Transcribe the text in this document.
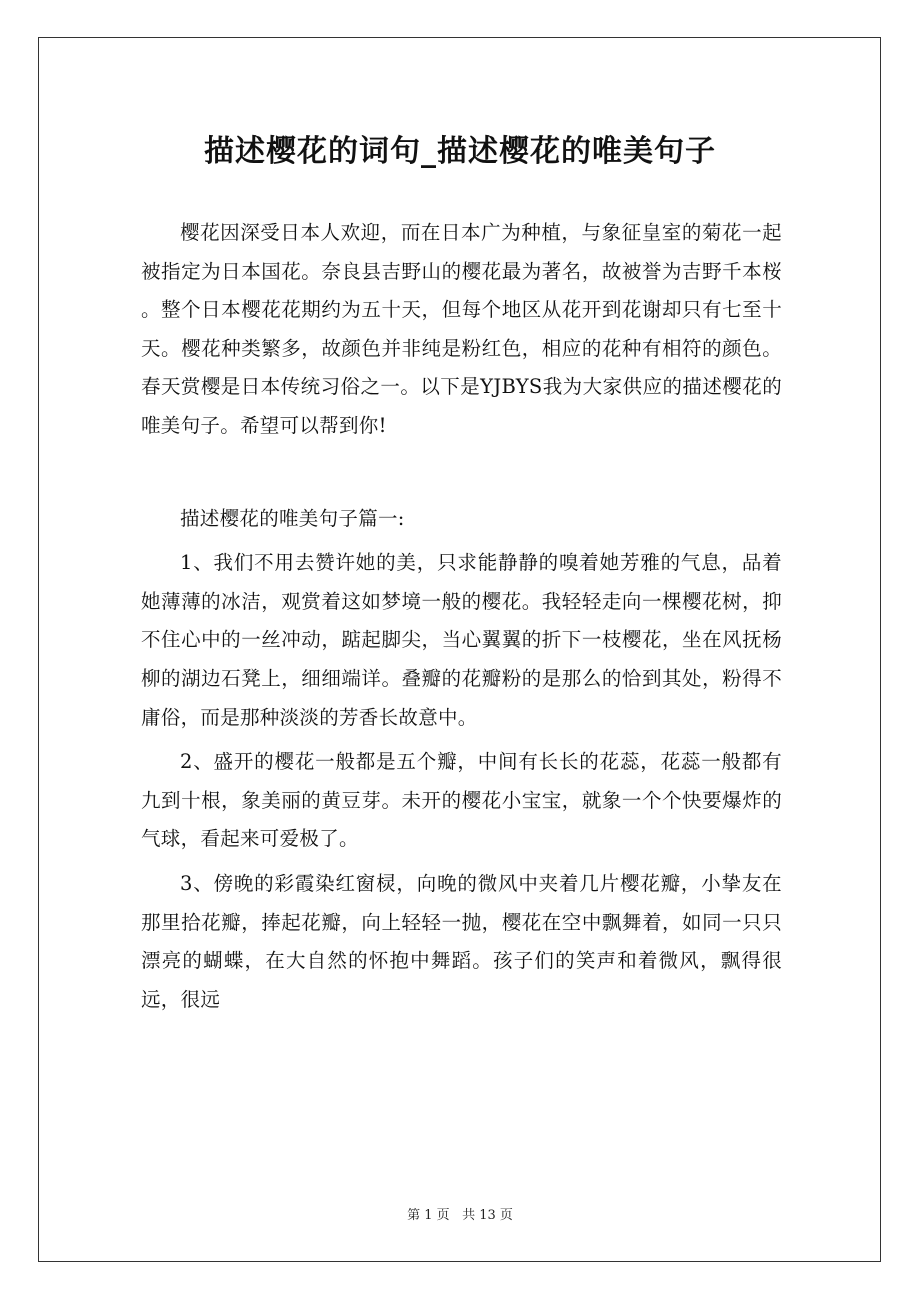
描述樱花的词句_描述樱花的唯美句子

樱花因深受日本人欢迎，而在日本广为种植，与象征皇室的菊花一起被指定为日本国花。奈良县吉野山的樱花最为著名，故被誉为吉野千本桜 。整个日本樱花花期约为五十天，但每个地区从花开到花谢却只有七至十天。樱花种类繁多，故颜色并非纯是粉红色，相应的花种有相符的颜色。春天赏樱是日本传统习俗之一。以下是YJBYS我为大家供应的描述樱花的唯美句子。希望可以帮到你!

描述樱花的唯美句子篇一:

1、我们不用去赞许她的美，只求能静静的嗅着她芳雅的气息，品着她薄薄的冰洁，观赏着这如梦境一般的樱花。我轻轻走向一棵樱花树，抑不住心中的一丝冲动，踮起脚尖，当心翼翼的折下一枝樱花，坐在风抚杨柳的湖边石凳上，细细端详。叠瓣的花瓣粉的是那么的恰到其处，粉得不庸俗，而是那种淡淡的芳香长故意中。

2、盛开的樱花一般都是五个瓣，中间有长长的花蕊，花蕊一般都有九到十根，象美丽的黄豆芽。未开的樱花小宝宝，就象一个个快要爆炸的气球，看起来可爱极了。

3、傍晚的彩霞染红窗棂，向晚的微风中夹着几片樱花瓣，小挚友在那里拾花瓣，捧起花瓣，向上轻轻一抛，樱花在空中飘舞着，如同一只只漂亮的蝴蝶，在大自然的怀抱中舞蹈。孩子们的笑声和着微风，飘得很远，很远

第 1 页 共 13 页
